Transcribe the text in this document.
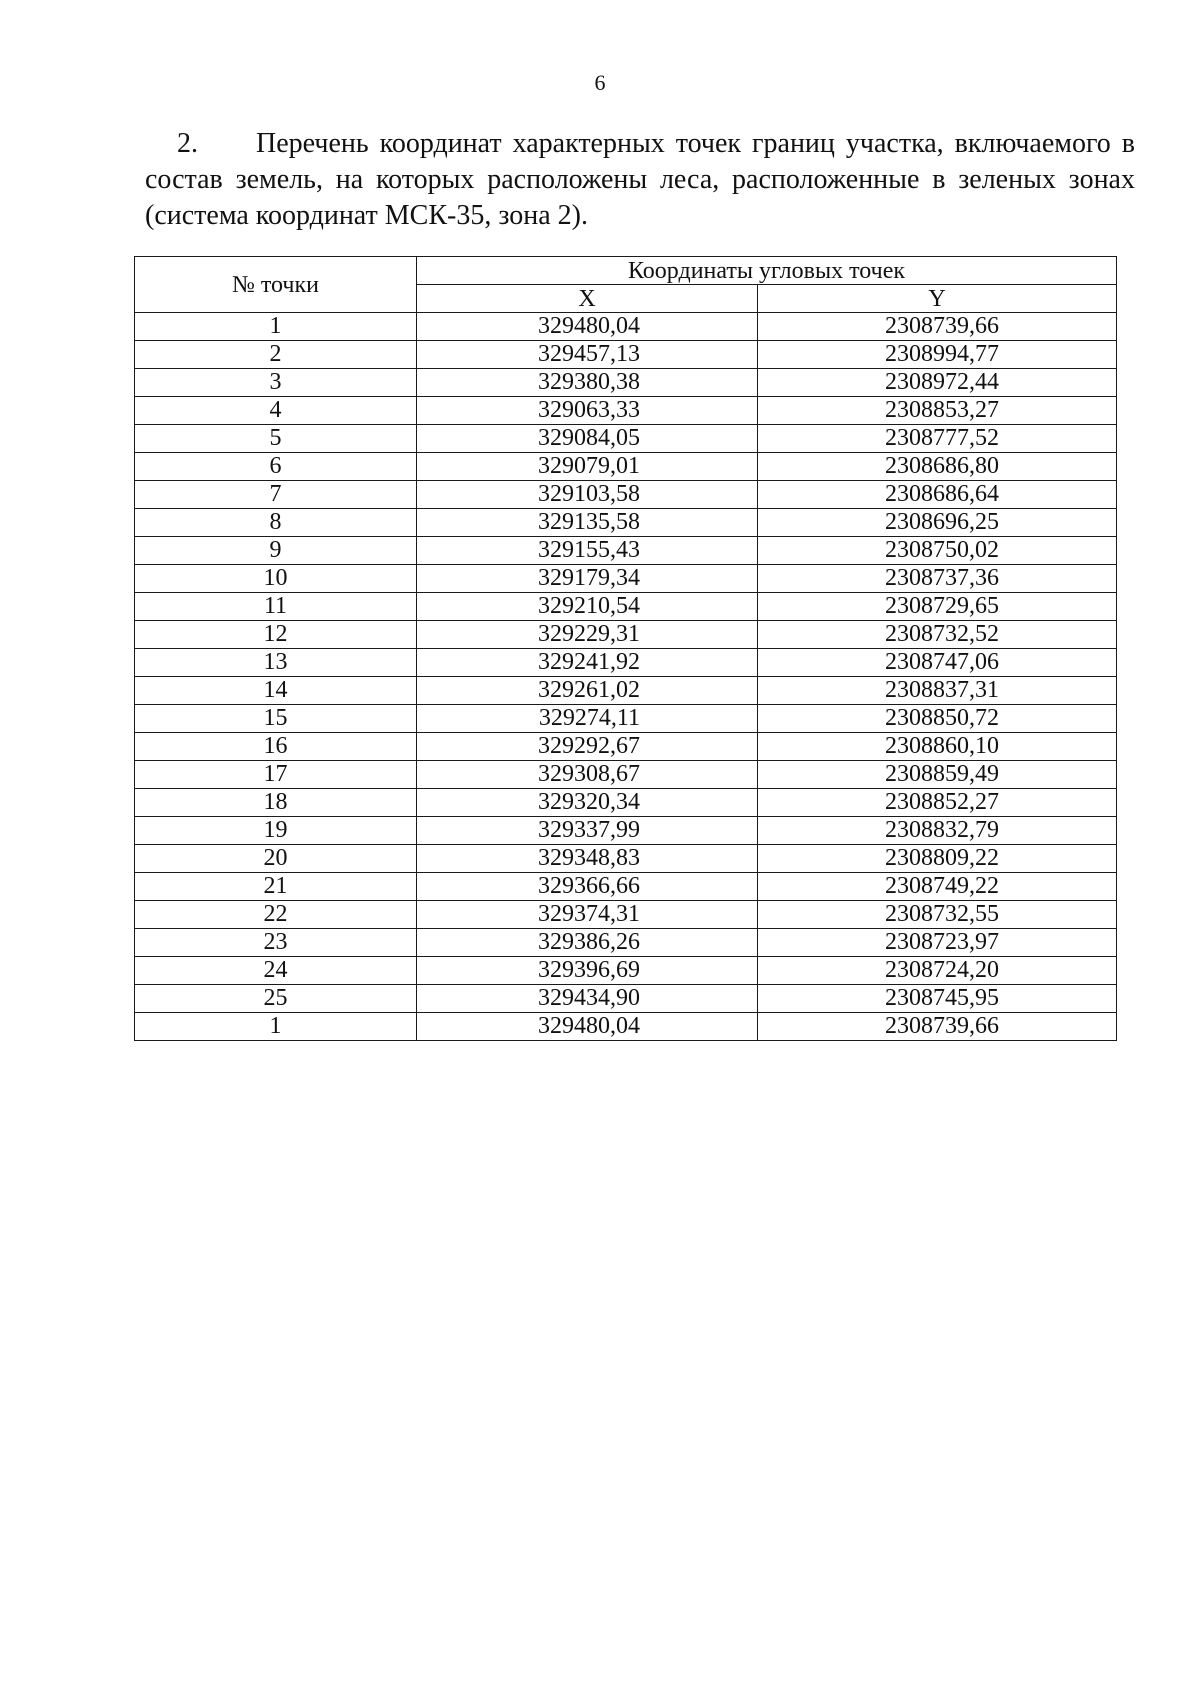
6

2. Перечень координат характерных точек границ участка, включаемого в состав земель, на которых расположены леса, расположенные в зеленых зонах (система координат МСК-35, зона 2).

№ точки	Координаты угловых точек	
	X	Y
1	329480,04	2308739,66
2	329457,13	2308994,77
3	329380,38	2308972,44
4	329063,33	2308853,27
5	329084,05	2308777,52
6	329079,01	2308686,80
7	329103,58	2308686,64
8	329135,58	2308696,25
9	329155,43	2308750,02
10	329179,34	2308737,36
11	329210,54	2308729,65
12	329229,31	2308732,52
13	329241,92	2308747,06
14	329261,02	2308837,31
15	329274,11	2308850,72
16	329292,67	2308860,10
17	329308,67	2308859,49
18	329320,34	2308852,27
19	329337,99	2308832,79
20	329348,83	2308809,22
21	329366,66	2308749,22
22	329374,31	2308732,55
23	329386,26	2308723,97
24	329396,69	2308724,20
25	329434,90	2308745,95
1	329480,04	2308739,66
